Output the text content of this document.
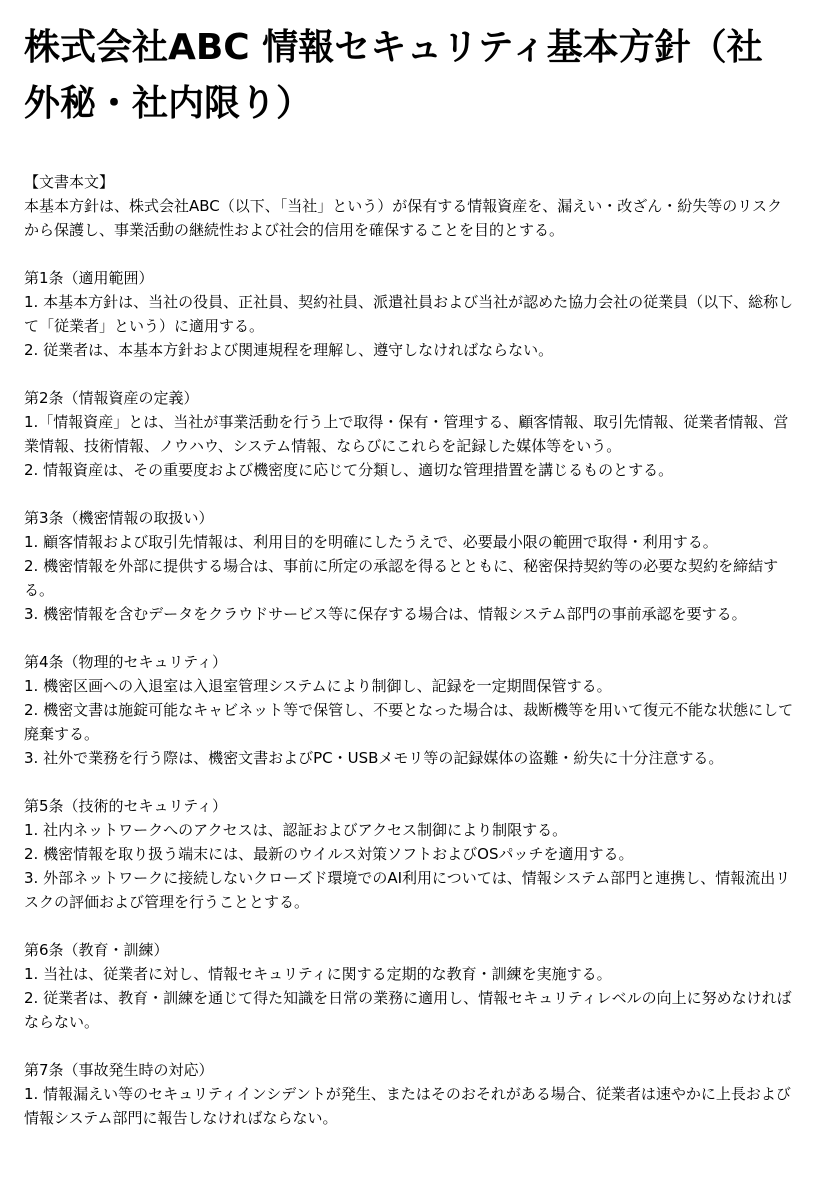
株式会社ABC 情報セキュリティ基本方針（社外秘・社内限り）

【文書本文】

本基本方針は、株式会社ABC（以下、「当社」という）が保有する情報資産を、漏えい・改ざん・紛失等のリスクから保護し、事業活動の継続性および社会的信用を確保することを目的とする。

第1条（適用範囲）

1. 本基本方針は、当社の役員、正社員、契約社員、派遣社員および当社が認めた協力会社の従業員（以下、総称して「従業者」という）に適用する。

2. 従業者は、本基本方針および関連規程を理解し、遵守しなければならない。

第2条（情報資産の定義）

1.「情報資産」とは、当社が事業活動を行う上で取得・保有・管理する、顧客情報、取引先情報、従業者情報、営業情報、技術情報、ノウハウ、システム情報、ならびにこれらを記録した媒体等をいう。

2. 情報資産は、その重要度および機密度に応じて分類し、適切な管理措置を講じるものとする。

第3条（機密情報の取扱い）

1. 顧客情報および取引先情報は、利用目的を明確にしたうえで、必要最小限の範囲で取得・利用する。

2. 機密情報を外部に提供する場合は、事前に所定の承認を得るとともに、秘密保持契約等の必要な契約を締結する。

3. 機密情報を含むデータをクラウドサービス等に保存する場合は、情報システム部門の事前承認を要する。

第4条（物理的セキュリティ）

1. 機密区画への入退室は入退室管理システムにより制御し、記録を一定期間保管する。

2. 機密文書は施錠可能なキャビネット等で保管し、不要となった場合は、裁断機等を用いて復元不能な状態にして廃棄する。

3. 社外で業務を行う際は、機密文書およびPC・USBメモリ等の記録媒体の盗難・紛失に十分注意する。

第5条（技術的セキュリティ）

1. 社内ネットワークへのアクセスは、認証およびアクセス制御により制限する。

2. 機密情報を取り扱う端末には、最新のウイルス対策ソフトおよびOSパッチを適用する。

3. 外部ネットワークに接続しないクローズド環境でのAI利用については、情報システム部門と連携し、情報流出リスクの評価および管理を行うこととする。

第6条（教育・訓練）

1. 当社は、従業者に対し、情報セキュリティに関する定期的な教育・訓練を実施する。

2. 従業者は、教育・訓練を通じて得た知識を日常の業務に適用し、情報セキュリティレベルの向上に努めなければならない。

第7条（事故発生時の対応）

1. 情報漏えい等のセキュリティインシデントが発生、またはそのおそれがある場合、従業者は速やかに上長および情報システム部門に報告しなければならない。
